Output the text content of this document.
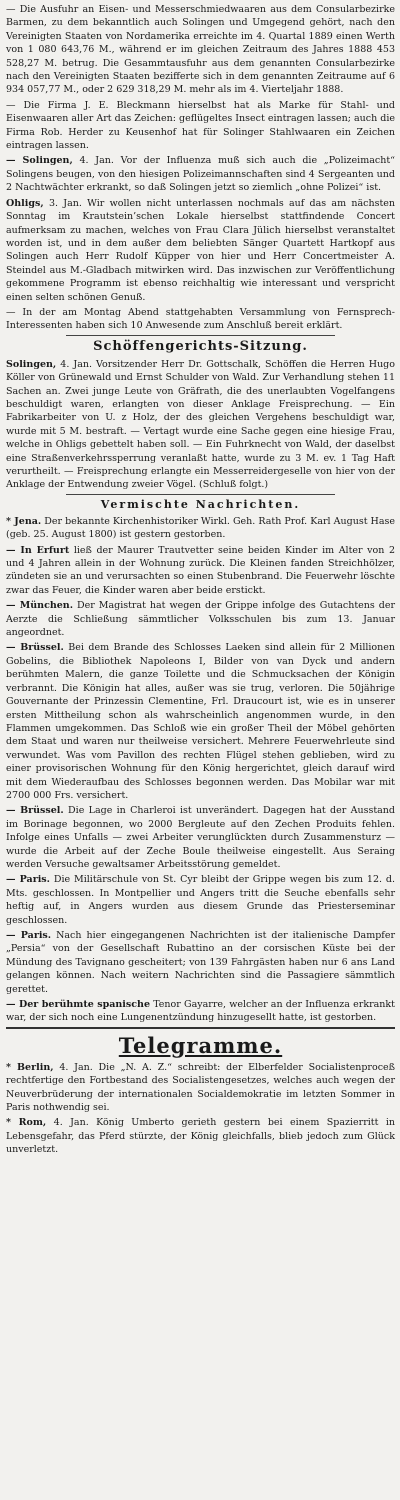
— Die Ausfuhr an Eisen- und Messerschmiedwaaren aus dem Consularbezirke Barmen, zu dem bekanntlich auch Solingen und Umgegend gehört, nach den Vereinigten Staaten von Nordamerika erreichte im 4. Quartal 1889 einen Werth von 1 080 643,76 M., während er im gleichen Zeitraum des Jahres 1888 453 528,27 M. betrug. Die Gesammtausfuhr aus dem genannten Consularbezirke nach den Vereinigten Staaten bezifferte sich in dem genannten Zeitraume auf 6 934 057,77 M., oder 2 629 318,29 M. mehr als im 4. Vierteljahr 1888.

— Die Firma J. E. Bleckmann hierselbst hat als Marke für Stahl- und Eisenwaaren aller Art das Zeichen: geflügeltes Insect eintragen lassen; auch die Firma Rob. Herder zu Keusenhof hat für Solinger Stahlwaaren ein Zeichen eintragen lassen.

— Solingen, 4. Jan. Vor der Influenza muß sich auch die „Polizeimacht“ Solingens beugen, von den hiesigen Polizeimannschaften sind 4 Sergeanten und 2 Nachtwächter erkrankt, so daß Solingen jetzt so ziemlich „ohne Polizei“ ist.

Ohligs, 3. Jan. Wir wollen nicht unterlassen nochmals auf das am nächsten Sonntag im Krautstein’schen Lokale hierselbst stattfindende Concert aufmerksam zu machen, welches von Frau Clara Jülich hierselbst veranstaltet worden ist, und in dem außer dem beliebten Sänger Quartett Hartkopf aus Solingen auch Herr Rudolf Küpper von hier und Herr Concertmeister A. Steindel aus M.-Gladbach mitwirken wird. Das inzwischen zur Veröffentlichung gekommene Programm ist ebenso reichhaltig wie interessant und verspricht einen selten schönen Genuß.

— In der am Montag Abend stattgehabten Versammlung von Fernsprech-Interessenten haben sich 10 Anwesende zum Anschluß bereit erklärt.

Schöffengerichts-Sitzung.

Solingen, 4. Jan. Vorsitzender Herr Dr. Gottschalk, Schöffen die Herren Hugo Köller von Grünewald und Ernst Schulder von Wald. Zur Verhandlung stehen 11 Sachen an. Zwei junge Leute von Gräfrath, die des unerlaubten Vogelfangens beschuldigt waren, erlangten von dieser Anklage Freisprechung. — Ein Fabrikarbeiter von U. z Holz, der des gleichen Vergehens beschuldigt war, wurde mit 5 M. bestraft. — Vertagt wurde eine Sache gegen eine hiesige Frau, welche in Ohligs gebettelt haben soll. — Ein Fuhrknecht von Wald, der daselbst eine Straßenverkehrssperrung veranlaßt hatte, wurde zu 3 M. ev. 1 Tag Haft verurtheilt. — Freisprechung erlangte ein Messerreidergeselle von hier von der Anklage der Entwendung zweier Vögel. (Schluß folgt.)

Vermischte Nachrichten.

* Jena. Der bekannte Kirchenhistoriker Wirkl. Geh. Rath Prof. Karl August Hase (geb. 25. August 1800) ist gestern gestorben.

— In Erfurt ließ der Maurer Trautvetter seine beiden Kinder im Alter von 2 und 4 Jahren allein in der Wohnung zurück. Die Kleinen fanden Streichhölzer, zündeten sie an und verursachten so einen Stubenbrand. Die Feuerwehr löschte zwar das Feuer, die Kinder waren aber beide erstickt.

— München. Der Magistrat hat wegen der Grippe infolge des Gutachtens der Aerzte die Schließung sämmtlicher Volksschulen bis zum 13. Januar angeordnet.

— Brüssel. Bei dem Brande des Schlosses Laeken sind allein für 2 Millionen Gobelins, die Bibliothek Napoleons I, Bilder von van Dyck und andern berühmten Malern, die ganze Toilette und die Schmucksachen der Königin verbrannt. Die Königin hat alles, außer was sie trug, verloren. Die 50jährige Gouvernante der Prinzessin Clementine, Frl. Draucourt ist, wie es in unserer ersten Mittheilung schon als wahrscheinlich angenommen wurde, in den Flammen umgekommen. Das Schloß wie ein großer Theil der Möbel gehörten dem Staat und waren nur theilweise versichert. Mehrere Feuerwehrleute sind verwundet. Was vom Pavillon des rechten Flügel stehen geblieben, wird zu einer provisorischen Wohnung für den König hergerichtet, gleich darauf wird mit dem Wiederaufbau des Schlosses begonnen werden. Das Mobilar war mit 2700 000 Frs. versichert.

— Brüssel. Die Lage in Charleroi ist unverändert. Dagegen hat der Ausstand im Borinage begonnen, wo 2000 Bergleute auf den Zechen Produits fehlen. Infolge eines Unfalls — zwei Arbeiter verunglückten durch Zusammensturz — wurde die Arbeit auf der Zeche Boule theilweise eingestellt. Aus Seraing werden Versuche gewaltsamer Arbeitsstörung gemeldet.

— Paris. Die Militärschule von St. Cyr bleibt der Grippe wegen bis zum 12. d. Mts. geschlossen. In Montpellier und Angers tritt die Seuche ebenfalls sehr heftig auf, in Angers wurden aus diesem Grunde das Priesterseminar geschlossen.

— Paris. Nach hier eingegangenen Nachrichten ist der italienische Dampfer „Persia“ von der Gesellschaft Rubattino an der corsischen Küste bei der Mündung des Tavignano gescheitert; von 139 Fahrgästen haben nur 6 ans Land gelangen können. Nach weitern Nachrichten sind die Passagiere sämmtlich gerettet.

— Der berühmte spanische Tenor Gayarre, welcher an der Influenza erkrankt war, der sich noch eine Lungenentzündung hinzugesellt hatte, ist gestorben.

Telegramme.

* Berlin, 4. Jan. Die „N. A. Z.“ schreibt: der Elberfelder Socialistenproceß rechtfertige den Fortbestand des Socialistengesetzes, welches auch wegen der Neuverbrüderung der internationalen Socialdemokratie im letzten Sommer in Paris nothwendig sei.

* Rom, 4. Jan. König Umberto gerieth gestern bei einem Spazierritt in Lebensgefahr, das Pferd stürzte, der König gleichfalls, blieb jedoch zum Glück unverletzt.
